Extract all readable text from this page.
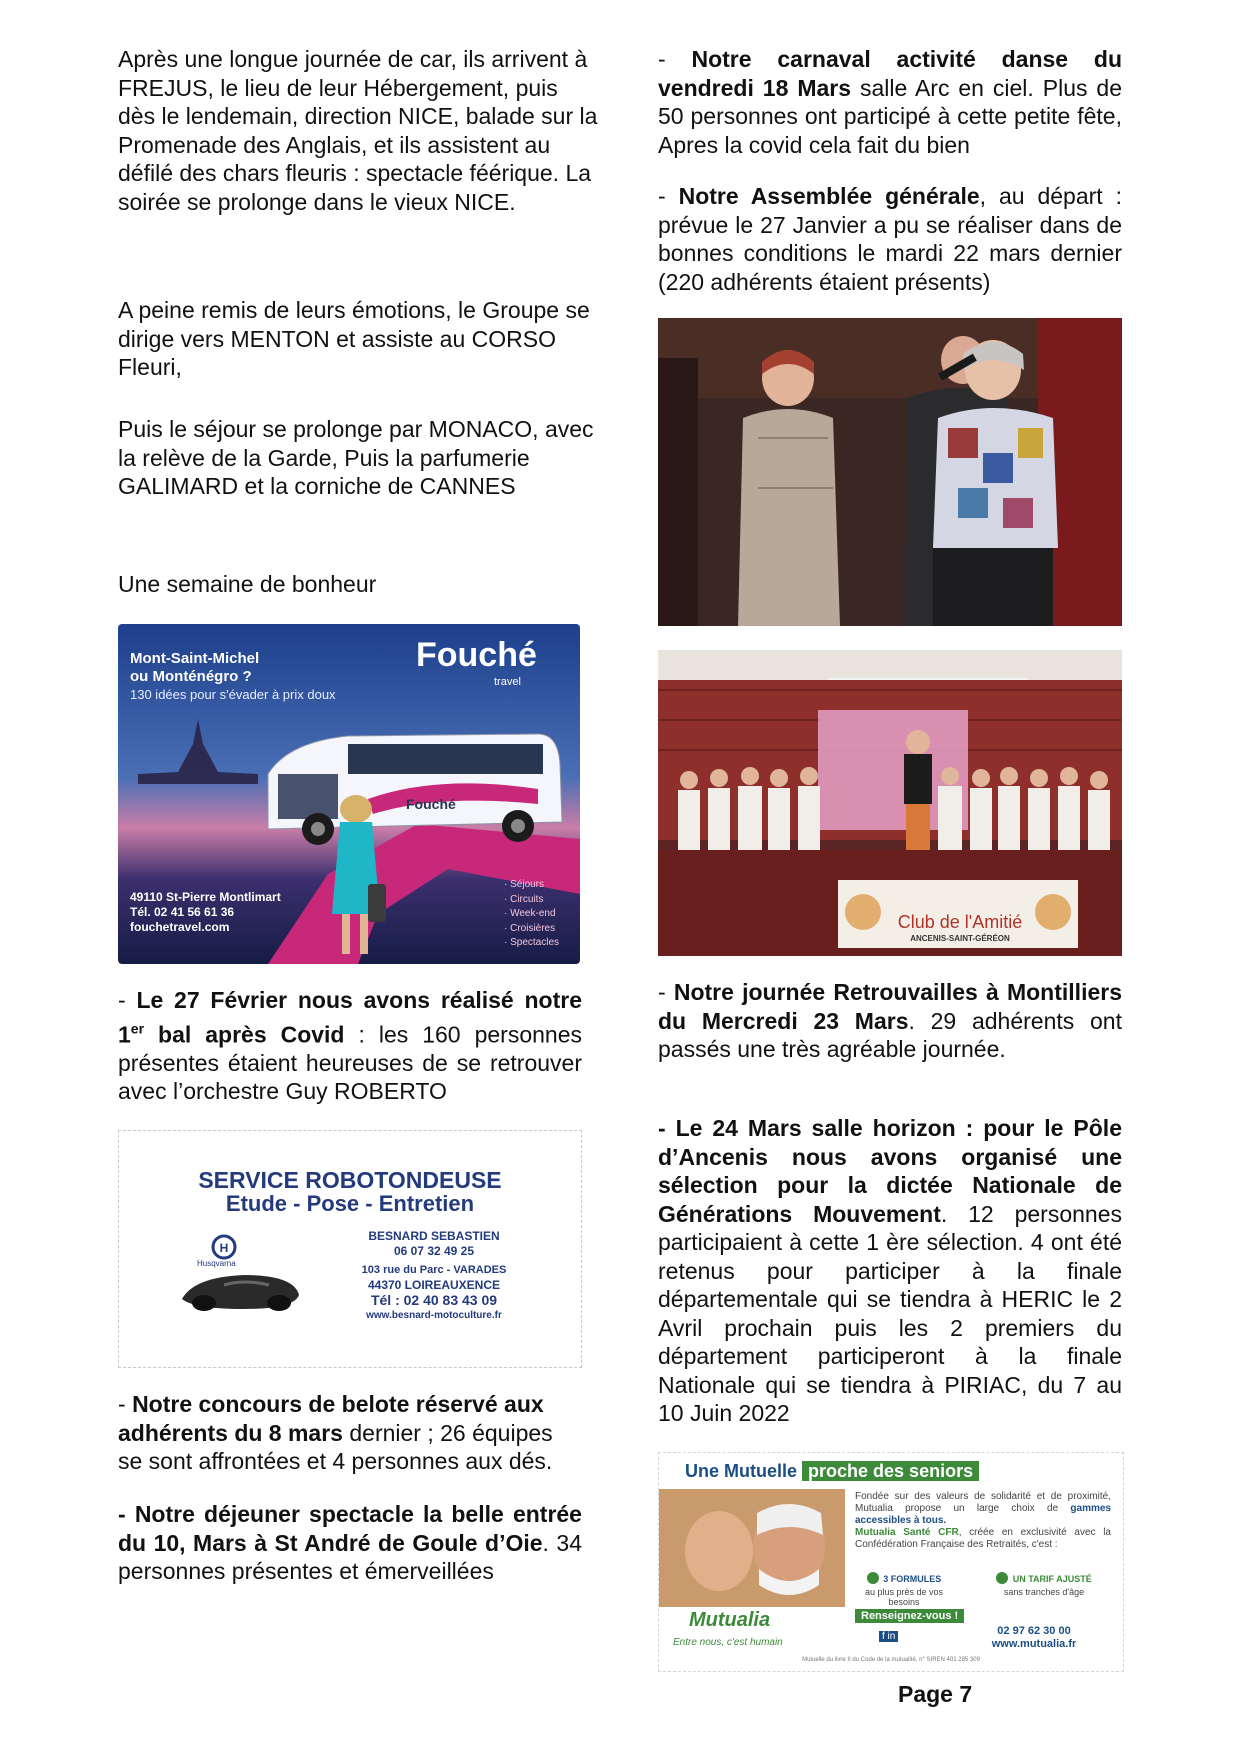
Après une longue journée de car, ils arrivent à FREJUS, le lieu de leur Hébergement, puis dès le lendemain, direction NICE, balade sur la Promenade des Anglais, et ils assistent au défilé des chars fleuris : spectacle féérique. La soirée se prolonge dans le vieux NICE.

A peine remis de leurs émotions, le Groupe se dirige vers MENTON et assiste au CORSO Fleuri,

Puis le séjour se prolonge par MONACO, avec la relève de la Garde, Puis la parfumerie GALIMARD et la corniche de CANNES

Une semaine de bonheur

Mont-Saint-Michel
ou Monténégro ?
130 idées pour s'évader à prix doux
Fouché
travel
Fouché
49110 St-Pierre Montlimart
Tél. 02 41 56 61 36
fouchetravel.com
· Séjours
· Circuits
· Week-end
· Croisières
· Spectacles

- Le 27 Février nous avons réalisé notre 1er bal après Covid : les 160 personnes présentes étaient heureuses de se retrouver avec l’orchestre Guy ROBERTO

SERVICE ROBOTONDEUSE
Etude - Pose - Entretien
H
Husqvarna
BESNARD SEBASTIEN
06 07 32 49 25
103 rue du Parc - VARADES
44370 LOIREAUXENCE
Tél : 02 40 83 43 09
www.besnard-motoculture.fr

- Notre concours de belote réservé aux adhérents du 8 mars dernier ; 26 équipes se sont affrontées et 4 personnes aux dés.

- Notre déjeuner spectacle la belle entrée du 10, Mars à St André de Goule d’Oie. 34 personnes présentes et émerveillées

- Notre carnaval activité danse du vendredi 18 Mars salle Arc en ciel. Plus de 50 personnes ont participé à cette petite fête, Apres la covid cela fait du bien

- Notre Assemblée générale, au départ : prévue le 27 Janvier a pu se réaliser dans de bonnes conditions le mardi 22 mars dernier (220 adhérents étaient présents)

Club de l'Amitié
ANCENIS-SAINT-GÉRÉON

- Notre journée Retrouvailles à Montilliers du Mercredi 23 Mars. 29 adhérents ont passés une très agréable journée.

- Le 24 Mars salle horizon : pour le Pôle d’Ancenis nous avons organisé une sélection pour la dictée Nationale de Générations Mouvement. 12 personnes participaient à cette 1 ère sélection. 4 ont été retenus pour participer à la finale départementale qui se tiendra à HERIC le 2 Avril prochain puis les 2 premiers du département participeront à la finale Nationale qui se tiendra à PIRIAC, du 7 au 10 Juin 2022

Une Mutuelle proche des seniors
Fondée sur des valeurs de solidarité et de proximité, Mutualia propose un large choix de gammes accessibles à tous.
Mutualia Santé CFR, créée en exclusivité avec la Confédération Française des Retraités, c'est :
3 FORMULES
au plus près de vos besoins
UN TARIF AJUSTÉ
sans tranches d'âge
Mutualia
Entre nous, c'est humain
Renseignez-vous !
f in	02 97 62 30 00
www.mutualia.fr
Mutuelle du livre II du Code de la mutualité, n° SIREN 401 285 309
Page 7
